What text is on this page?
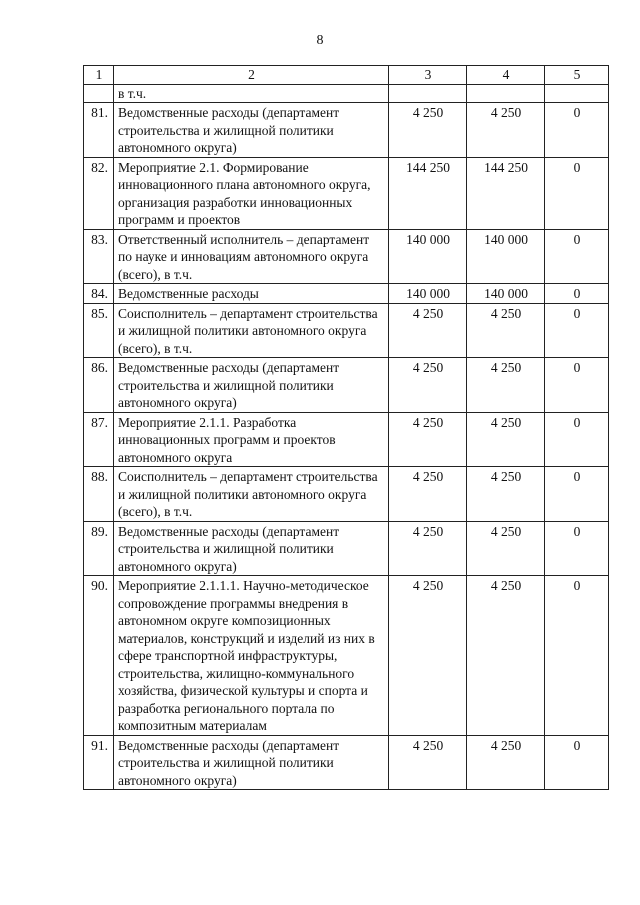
8
1	2	3	4	5
	в т.ч.			
81.	Ведомственные расходы (департамент строительства и жилищной политики автономного округа)	4 250	4 250	0
82.	Мероприятие 2.1. Формирование инновационного плана автономного округа, организация разработки инновационных программ и проектов	144 250	144 250	0
83.	Ответственный исполнитель – департамент по науке и инновациям автономного округа (всего), в т.ч.	140 000	140 000	0
84.	Ведомственные расходы	140 000	140 000	0
85.	Соисполнитель – департамент строительства и жилищной политики автономного округа (всего), в т.ч.	4 250	4 250	0
86.	Ведомственные расходы (департамент строительства и жилищной политики автономного округа)	4 250	4 250	0
87.	Мероприятие 2.1.1. Разработка инновационных программ и проектов автономного округа	4 250	4 250	0
88.	Соисполнитель – департамент строительства и жилищной политики автономного округа (всего), в т.ч.	4 250	4 250	0
89.	Ведомственные расходы (департамент строительства и жилищной политики автономного округа)	4 250	4 250	0
90.	Мероприятие 2.1.1.1. Научно-методическое сопровождение программы внедрения в автономном округе композиционных материалов, конструкций и изделий из них в сфере транспортной инфраструктуры, строительства, жилищно-коммунального хозяйства, физической культуры и спорта и разработка регионального портала по композитным материалам	4 250	4 250	0
91.	Ведомственные расходы (департамент строительства и жилищной политики автономного округа)	4 250	4 250	0
